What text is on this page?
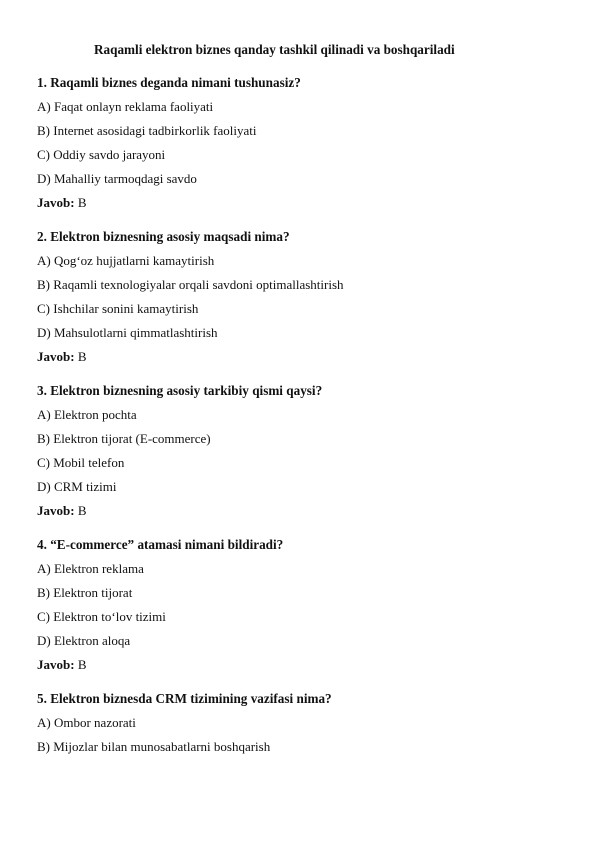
Raqamli elektron biznes qanday tashkil qilinadi va boshqariladi
1. Raqamli biznes deganda nimani tushunasiz?
A) Faqat onlayn reklama faoliyati
B) Internet asosidagi tadbirkorlik faoliyati
C) Oddiy savdo jarayoni
D) Mahalliy tarmoqdagi savdo
Javob: B
2. Elektron biznesning asosiy maqsadi nima?
A) Qog‘oz hujjatlarni kamaytirish
B) Raqamli texnologiyalar orqali savdoni optimallashtirish
C) Ishchilar sonini kamaytirish
D) Mahsulotlarni qimmatlashtirish
Javob: B
3. Elektron biznesning asosiy tarkibiy qismi qaysi?
A) Elektron pochta
B) Elektron tijorat (E-commerce)
C) Mobil telefon
D) CRM tizimi
Javob: B
4. “E-commerce” atamasi nimani bildiradi?
A) Elektron reklama
B) Elektron tijorat
C) Elektron to‘lov tizimi
D) Elektron aloqa
Javob: B
5. Elektron biznesda CRM tizimining vazifasi nima?
A) Ombor nazorati
B) Mijozlar bilan munosabatlarni boshqarish
